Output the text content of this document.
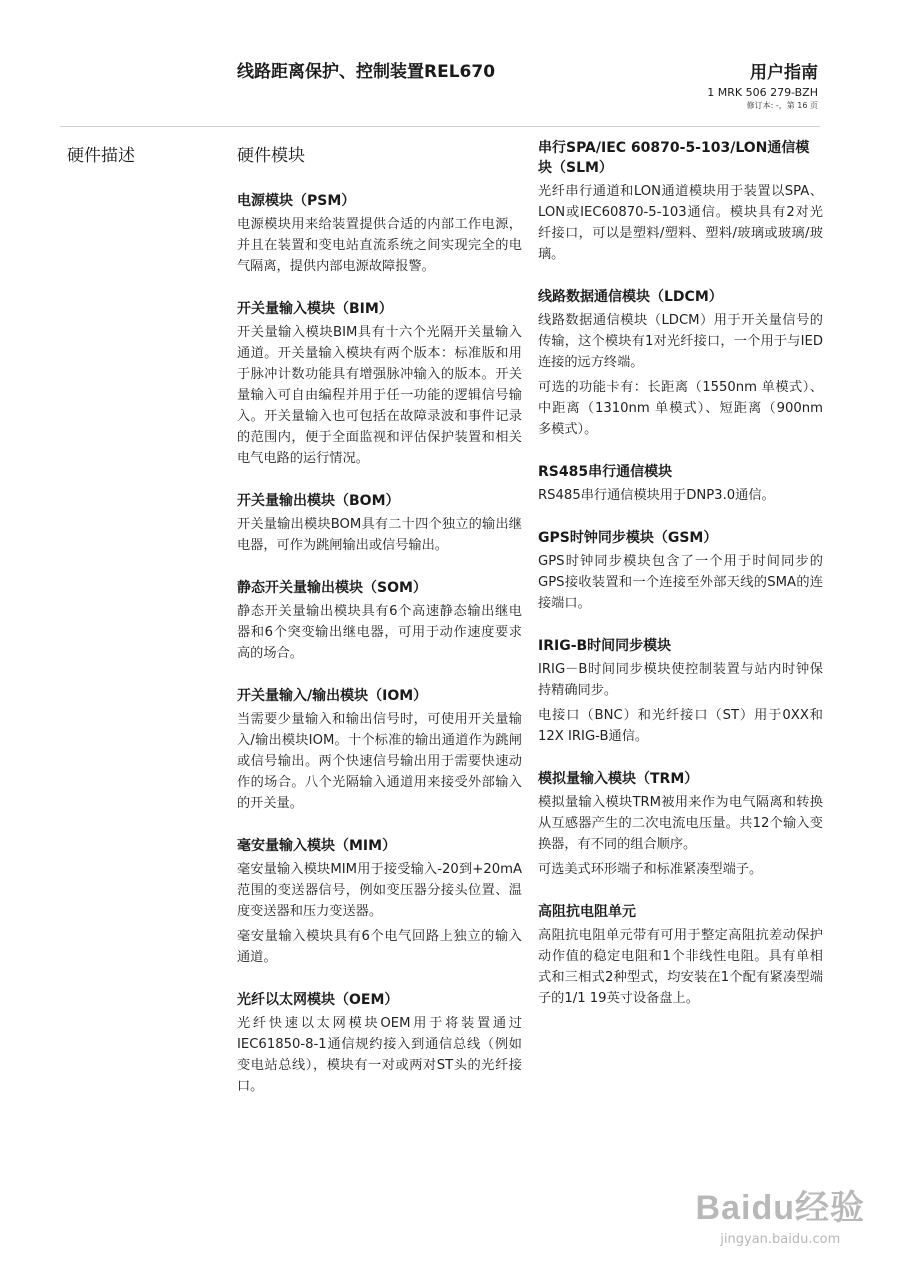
线路距离保护、控制装置REL670	用户指南
1 MRK 506 279-BZH
修订本: -，第 16 页
硬件描述	硬件模块
电源模块（PSM）

电源模块用来给装置提供合适的内部工作电源，并且在装置和变电站直流系统之间实现完全的电气隔离，提供内部电源故障报警。

开关量输入模块（BIM）

开关量输入模块BIM具有十六个光隔开关量输入通道。开关量输入模块有两个版本：标准版和用于脉冲计数功能具有增强脉冲输入的版本。开关量输入可自由编程并用于任一功能的逻辑信号输入。开关量输入也可包括在故障录波和事件记录的范围内，便于全面监视和评估保护装置和相关电气电路的运行情况。

开关量输出模块（BOM）

开关量输出模块BOM具有二十四个独立的输出继电器，可作为跳闸输出或信号输出。

静态开关量输出模块（SOM）

静态开关量输出模块具有6个高速静态输出继电器和6个突变输出继电器，可用于动作速度要求高的场合。

开关量输入/输出模块（IOM）

当需要少量输入和输出信号时，可使用开关量输入/输出模块IOM。十个标准的输出通道作为跳闸或信号输出。两个快速信号输出用于需要快速动作的场合。八个光隔输入通道用来接受外部输入的开关量。

毫安量输入模块（MIM）

毫安量输入模块MIM用于接受输入-20到+20mA范围的变送器信号，例如变压器分接头位置、温度变送器和压力变送器。

毫安量输入模块具有6个电气回路上独立的输入通道。

光纤以太网模块（OEM）

光纤快速以太网模块OEM用于将装置通过IEC61850-8-1通信规约接入到通信总线（例如变电站总线），模块有一对或两对ST头的光纤接口。

串行SPA/IEC 60870-5-103/LON通信模块（SLM）

光纤串行通道和LON通道模块用于装置以SPA、LON或IEC60870-5-103通信。模块具有2对光纤接口，可以是塑料/塑料、塑料/玻璃或玻璃/玻璃。

线路数据通信模块（LDCM）

线路数据通信模块（LDCM）用于开关量信号的传输，这个模块有1对光纤接口，一个用于与IED连接的远方终端。

可选的功能卡有：长距离（1550nm 单模式）、中距离（1310nm 单模式）、短距离（900nm 多模式）。

RS485串行通信模块

RS485串行通信模块用于DNP3.0通信。

GPS时钟同步模块（GSM）

GPS时钟同步模块包含了一个用于时间同步的GPS接收装置和一个连接至外部天线的SMA的连接端口。

IRIG-B时间同步模块

IRIG－B时间同步模块使控制装置与站内时钟保持精确同步。

电接口（BNC）和光纤接口（ST）用于0XX和12X IRIG-B通信。

模拟量输入模块（TRM）

模拟量输入模块TRM被用来作为电气隔离和转换从互感器产生的二次电流电压量。共12个输入变换器，有不同的组合顺序。

可选美式环形端子和标准紧凑型端子。

高阻抗电阻单元

高阻抗电阻单元带有可用于整定高阻抗差动保护动作值的稳定电阻和1个非线性电阻。具有单相式和三相式2种型式，均安装在1个配有紧凑型端子的1/1 19英寸设备盘上。

Baidu经验
jingyan.baidu.com
